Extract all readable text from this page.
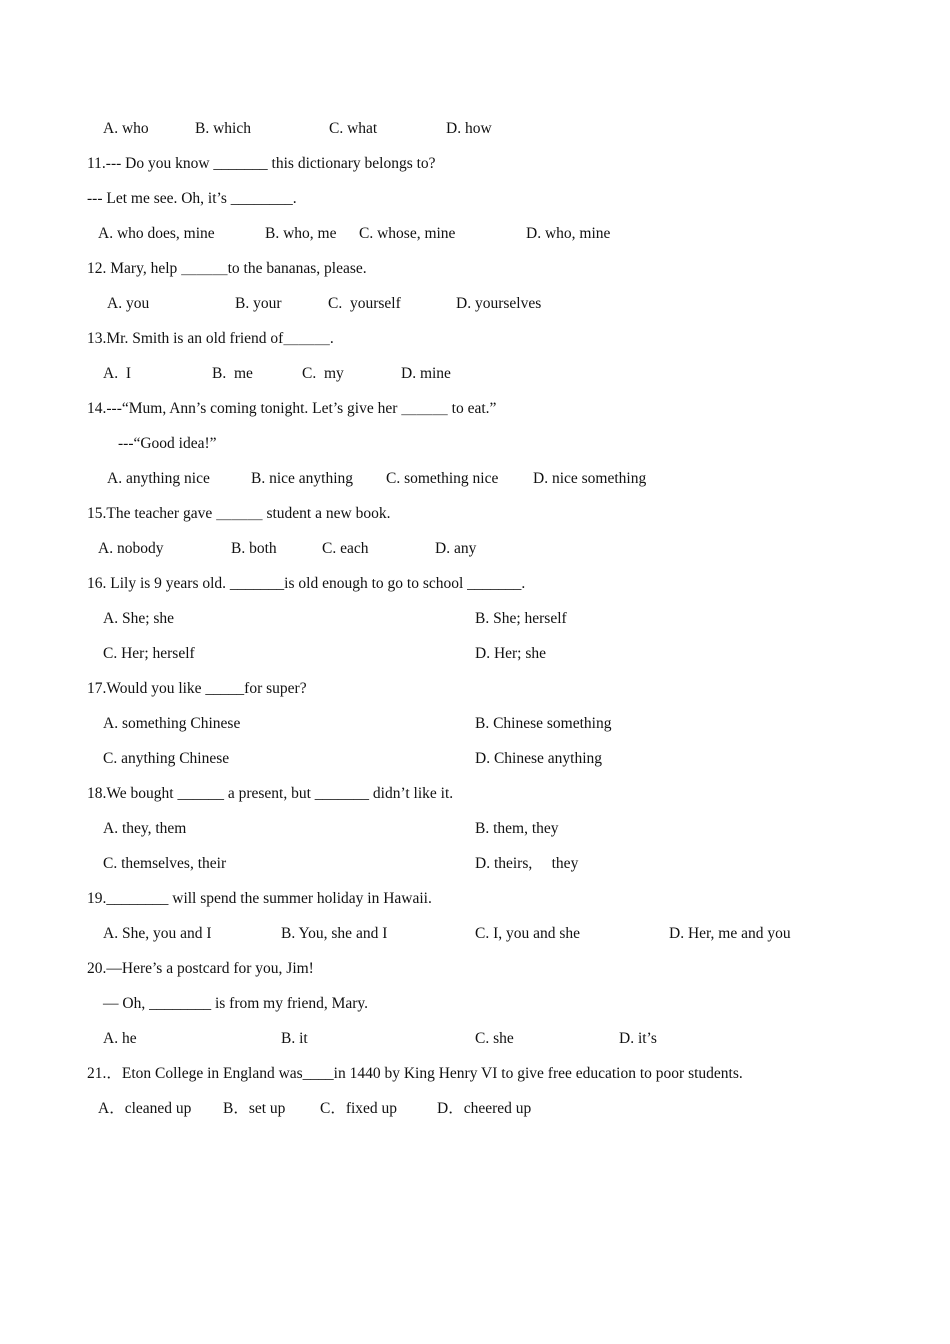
A. who	B. which	C. what	D. how
11.--- Do you know _______ this dictionary belongs to?
--- Let me see. Oh, it’s ________.
A. who does, mine	B. who, me C. whose, mine	D. who, mine
12. Mary, help ＿＿＿to the bananas, please.
A. you	B. your	C.  yourself	D. yourselves
13.Mr. Smith is an old friend of＿＿＿.
A.  I	B.  me	C.  my	D. mine
14.---“Mum, Ann’s coming tonight. Let’s give her ＿＿＿ to eat.”
---“Good idea!”
A. anything nice	B. nice anything C. something nice D. nice something
15.The teacher gave ＿＿＿ student a new book.
A. nobody	B. both	C. each	D. any
16. Lily is 9 years old. _______is old enough to go to school _______.
A. She; she	B. She; herself
C. Her; herself	D. Her; she
17.Would you like _____for super?
A. something Chinese	B. Chinese something
C. anything Chinese	D. Chinese anything
18.We bought ______ a present, but _______ didn’t like it.
A. they, them	B. them, they
C. themselves, their	D. theirs,     they
19.________ will spend the summer holiday in Hawaii.
A. She, you and I	B. You, she and I	C. I, you and she	D. Her, me and you
20.—Here’s a postcard for you, Jim!
— Oh, ________ is from my friend, Mary.
A. he	B. it	C. she	D. it’s
21.．Eton College in England was____in 1440 by King Henry VI to give free education to poor students.
A．cleaned up B．set up C．fixed up	D．cheered up
